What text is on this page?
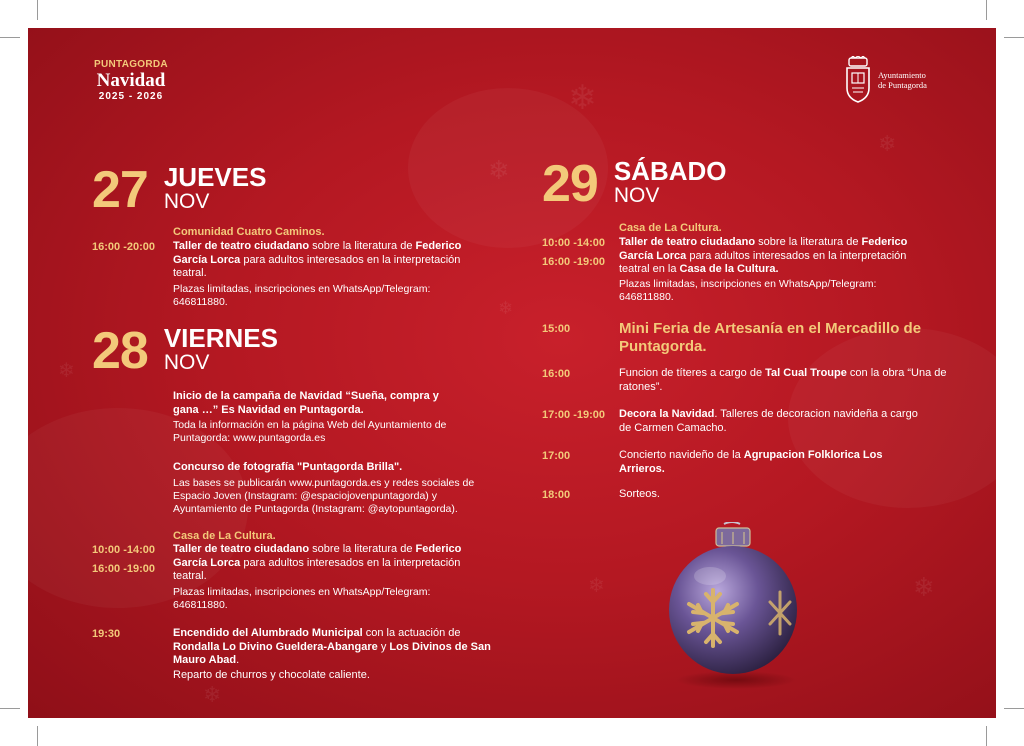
❄
❄
❄
❄
❄
❄
❄
❄
PUNTAGORDA
Navidad
2025 - 2026
Ayuntamiento
de Puntagorda
27 JUEVES
NOV
Comunidad Cuatro Caminos.
16:00 -20:00 Taller de teatro ciudadano sobre la literatura de Federico García Lorca para adultos interesados en la interpretación teatral.
Plazas limitadas, inscripciones en WhatsApp/Telegram: 646811880.
28 VIERNES
NOV
Inicio de la campaña de Navidad “Sueña, compra y gana …” Es Navidad en Puntagorda.
Toda la información en la página Web del Ayuntamiento de Puntagorda: www.puntagorda.es
Concurso de fotografía "Puntagorda Brilla".
Las bases se publicarán www.puntagorda.es y redes sociales de Espacio Joven (Instagram: @espaciojovenpuntagorda) y Ayuntamiento de Puntagorda (Instagram: @aytopuntagorda).
Casa de La Cultura.
10:00 -14:00
16:00 -19:00
Taller de teatro ciudadano sobre la literatura de Federico García Lorca para adultos interesados en la interpretación teatral.
Plazas limitadas, inscripciones en WhatsApp/Telegram: 646811880.
19:30	Encendido del Alumbrado Municipal con la actuación de Rondalla Lo Divino Gueldera-Abangare y Los Divinos de San Mauro Abad.
Reparto de churros y chocolate caliente.
29 SÁBADO
NOV
Casa de La Cultura.
10:00 -14:00
16:00 -19:00
Taller de teatro ciudadano sobre la literatura de Federico García Lorca para adultos interesados en la interpretación teatral en la Casa de la Cultura.
Plazas limitadas, inscripciones en WhatsApp/Telegram: 646811880.
15:00	Mini Feria de Artesanía en el Mercadillo de Puntagorda.
16:00	Funcion de títeres a cargo de Tal Cual Troupe con la obra “Una de ratones”.
17:00 -19:00 Decora la Navidad. Talleres de decoracion navideña a cargo de Carmen Camacho.
17:00	Concierto navideño de la Agrupacion Folklorica Los Arrieros.
18:00	Sorteos.
